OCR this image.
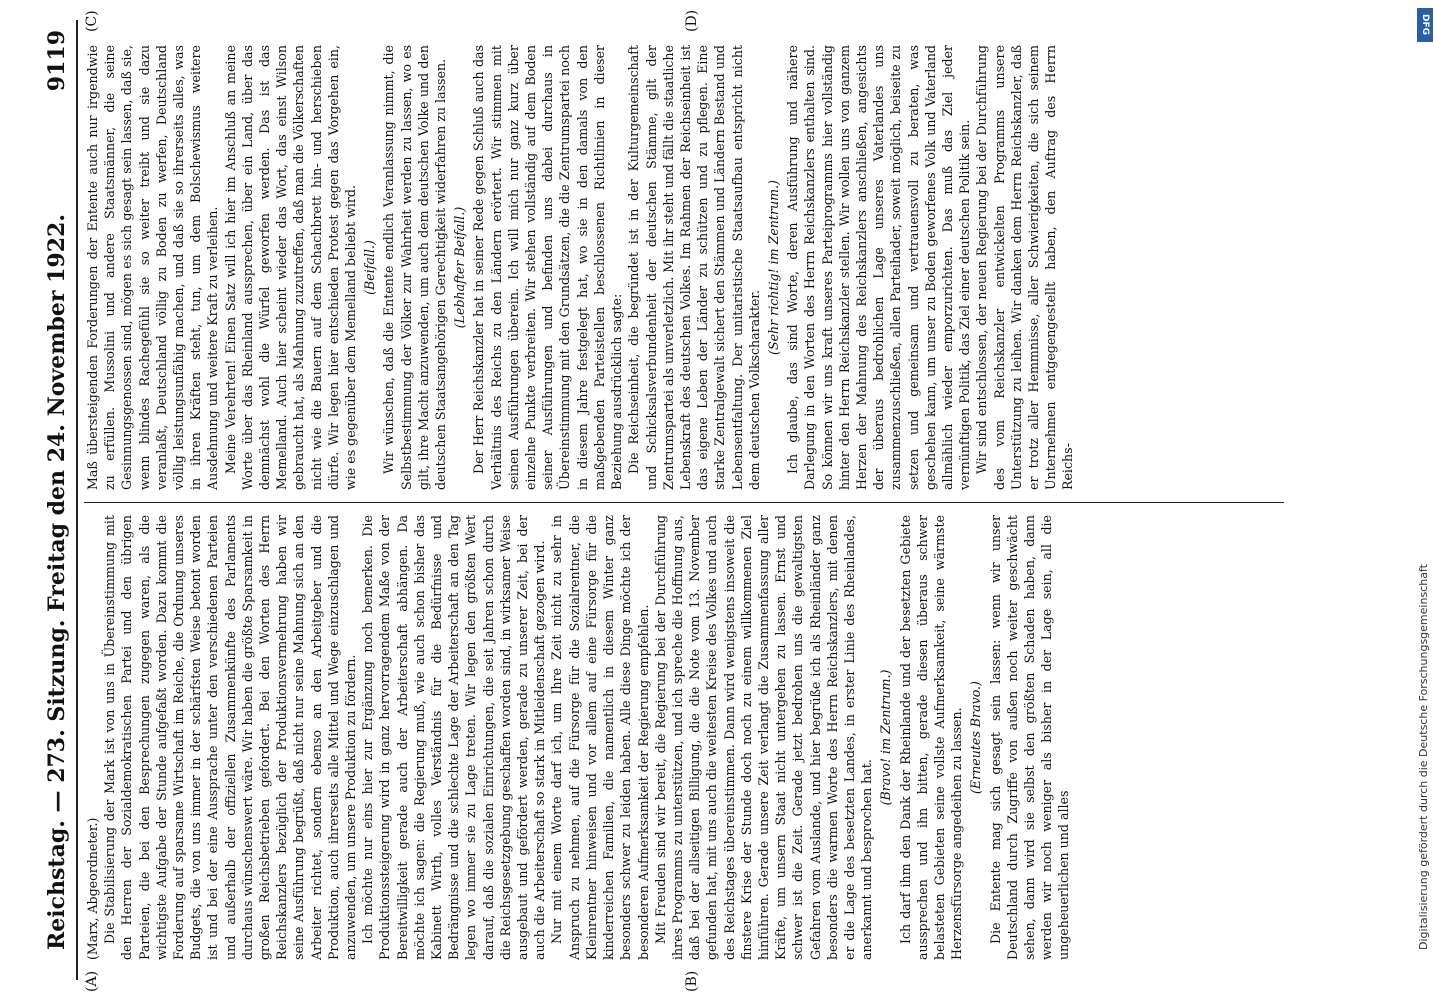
Reichstag. — 273. Sitzung. Freitag den 24. November 1922.
9119
(A)	(B)
(C)	(D)

(Marx, Abgeordneter.) Die Stabilisierung der Mark ist von uns in Übereinstimmung mit den Herren der Sozialdemokratischen Partei und den übrigen Parteien, die bei den Besprechungen zugegen waren, als die wichtigste Aufgabe der Stunde aufgefaßt worden. Dazu kommt die Forderung auf sparsame Wirtschaft im Reiche, die Ordnung unseres Budgets, die von uns immer in der schärfsten Weise betont worden ist und bei der eine Aussprache unter den verschiedenen Parteien und außerhalb der offiziellen Zusammenkünfte des Parlaments durchaus wünschenswert wäre. Wir haben die größte Sparsamkeit in großen Reichsbetrieben gefordert. Bei den Worten des Herrn Reichskanzlers bezüglich der Produktionsvermehrung haben wir seine Ausführung begrüßt, daß nicht nur seine Mahnung sich an den Arbeiter richtet, sondern ebenso an den Arbeitgeber und die Produktion, auch ihrerseits alle Mittel und Wege einzuschlagen und anzuwenden, um unsere Produktion zu fördern. Ich möchte nur eins hier zur Ergänzung noch bemerken. Die Produktionssteigerung wird in ganz hervorragendem Maße von der Bereitwilligkeit gerade auch der Arbeiterschaft abhängen. Da möchte ich sagen: die Regierung muß, wie auch schon bisher das Kabinett Wirth, volles Verständnis für die Bedürfnisse und Bedrängnisse und die schlechte Lage der Arbeiterschaft an den Tag legen wo immer sie zu Lage treten. Wir legen den größten Wert darauf, daß die sozialen Einrichtungen, die seit Jahren schon durch die Reichsgesetzgebung geschaffen worden sind, in wirksamer Weise ausgebaut und gefördert werden, gerade zu unserer Zeit, bei der auch die Arbeiterschaft so stark in Mitleidenschaft gezogen wird. Nur mit einem Worte darf ich, um Ihre Zeit nicht zu sehr in Anspruch zu nehmen, auf die Fürsorge für die Sozialrentner, die Kleinrentner hinweisen und vor allem auf eine Fürsorge für die kinderreichen Familien, die namentlich in diesem Winter ganz besonders schwer zu leiden haben. Alle diese Dinge möchte ich der besonderen Aufmerksamkeit der Regierung empfehlen. Mit Freuden sind wir bereit, die Regierung bei der Durchführung ihres Programms zu unterstützen, und ich spreche die Hoffnung aus, daß bei der allseitigen Billigung, die die Note vom 13. November gefunden hat, mit uns auch die weitesten Kreise des Volkes und auch des Reichstages übereinstimmen. Dann wird wenigstens insoweit die finstere Krise der Stunde doch noch zu einem willkommenen Ziel hinführen. Gerade unsere Zeit verlangt die Zusammenfassung aller Kräfte, um unsern Staat nicht untergehen zu lassen. Ernst und schwer ist die Zeit. Gerade jetzt bedrohen uns die gewaltigsten Gefahren vom Auslande, und hier begrüße ich als Rheinländer ganz besonders die warmen Worte des Herrn Reichskanzlers, mit denen er die Lage des besetzten Landes, in erster Linie des Rheinlandes, anerkannt und besprochen hat.

(Bravo! im Zentrum.) Ich darf ihm den Dank der Rheinlande und der besetzten Gebiete aussprechen und ihn bitten, gerade diesen überaus schwer belasteten Gebieten seine vollste Aufmerksamkeit, seine wärmste Herzensfürsorge angedeihen zu lassen. (Erneutes Bravo.) Die Entente mag sich gesagt sein lassen: wenn wir unser Deutschland durch Zugriffe von außen noch weiter geschwächt sehen, dann wird sie selbst den größten Schaden haben, dann werden wir noch weniger als bisher in der Lage sein, all die ungeheuerlichen und alles

Maß übersteigenden Forderungen der Entente auch nur irgendwie zu erfüllen. Mussolini und andere Staatsmänner, die seine Gesinnungsgenossen sind, mögen es sich gesagt sein lassen, daß sie, wenn blindes Rachegefühl sie so weiter treibt und sie dazu veranlaßt, Deutschland völlig zu Boden zu werfen, Deutschland völlig leistungsunfähig machen, und daß sie so ihrerseits alles, was in ihren Kräften steht, tun, um dem Bolschewismus weitere Ausdehnung und weitere Kraft zu verleihen. Meine Verehrten! Einen Satz will ich hier im Anschluß an meine Worte über das Rheinland aussprechen, über ein Land, über das demnächst wohl die Würfel geworfen werden. Das ist das Memelland. Auch hier scheint wieder das Wort, das einst Wilson gebraucht hat, als Mahnung zuzutreffen, daß man die Völkerschaften nicht wie die Bauern auf dem Schachbrett hin- und herschieben dürfe. Wir legen hier entschieden Protest gegen das Vorgehen ein, wie es gegenüber dem Memelland beliebt wird. (Beifall.) Wir wünschen, daß die Entente endlich Veranlassung nimmt, die Selbstbestimmung der Völker zur Wahrheit werden zu lassen, wo es gilt, ihre Macht anzuwenden, um auch dem deutschen Volke und den deutschen Staatsangehörigen Gerechtigkeit widerfahren zu lassen. (Lebhafter Beifall.) Der Herr Reichskanzler hat in seiner Rede gegen Schluß auch das Verhältnis des Reichs zu den Ländern erörtert. Wir stimmen mit seinen Ausführungen überein. Ich will mich nur ganz kurz über einzelne Punkte verbreiten. Wir stehen vollständig auf dem Boden seiner Ausführungen und befinden uns dabei durchaus in Übereinstimmung mit den Grundsätzen, die die Zentrumspartei noch in diesem Jahre festgelegt hat, wo sie in den damals von den maßgebenden Parteistellen beschlossenen Richtlinien in dieser Beziehung ausdrücklich sagte: Die Reichseinheit, die begründet ist in der Kulturgemeinschaft und Schicksalsverbundenheit der deutschen Stämme, gilt der Zentrumspartei als unverletzlich. Mit ihr steht und fällt die staatliche Lebenskraft des deutschen Volkes. Im Rahmen der Reichseinheit ist das eigene Leben der Länder zu schützen und zu pflegen. Eine starke Zentralgewalt sichert den Stämmen und Ländern Bestand und Lebensentfaltung. Der unitaristische Staatsaufbau entspricht nicht dem deutschen Volkscharakter.

(Sehr richtig! im Zentrum.) Ich glaube, das sind Worte, deren Ausführung und nähere Darlegung in den Worten des Herrn Reichskanzlers enthalten sind. So können wir uns kraft unseres Parteiprogramms hier vollständig hinter den Herrn Reichskanzler stellen. Wir wollen uns von ganzem Herzen der Mahnung des Reichskanzlers anschließen, angesichts der überaus bedrohlichen Lage unseres Vaterlandes uns zusammenzuschließen, allen Parteihader, soweit möglich, beiseite zu setzen und gemeinsam und vertrauensvoll zu beraten, was geschehen kann, um unser zu Boden geworfenes Volk und Vaterland allmählich wieder emporzurichten. Das muß das Ziel jeder vernünftigen Politik, das Ziel einer deutschen Politik sein. Wir sind entschlossen, der neuen Regierung bei der Durchführung des vom Reichskanzler entwickelten Programms unsere Unterstützung zu leihen. Wir danken dem Herrn Reichskanzler, daß er trotz aller Hemmnisse, aller Schwierigkeiten, die sich seinem Unternehmen entgegengestellt haben, den Auftrag des Herrn Reichs-

DFG
Digitalisierung gefördert durch die Deutsche Forschungsgemeinschaft
